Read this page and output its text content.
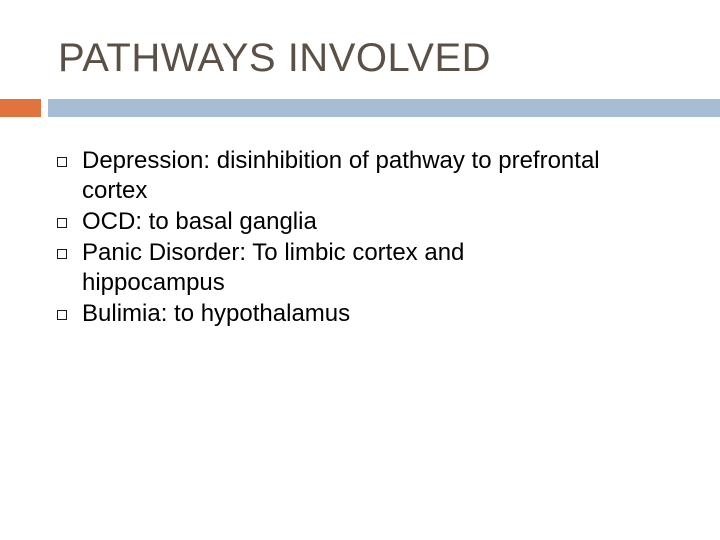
PATHWAYS INVOLVED
Depression: disinhibition of pathway to prefrontal cortex
OCD: to basal ganglia
Panic Disorder: To limbic cortex and hippocampus
Bulimia: to hypothalamus
